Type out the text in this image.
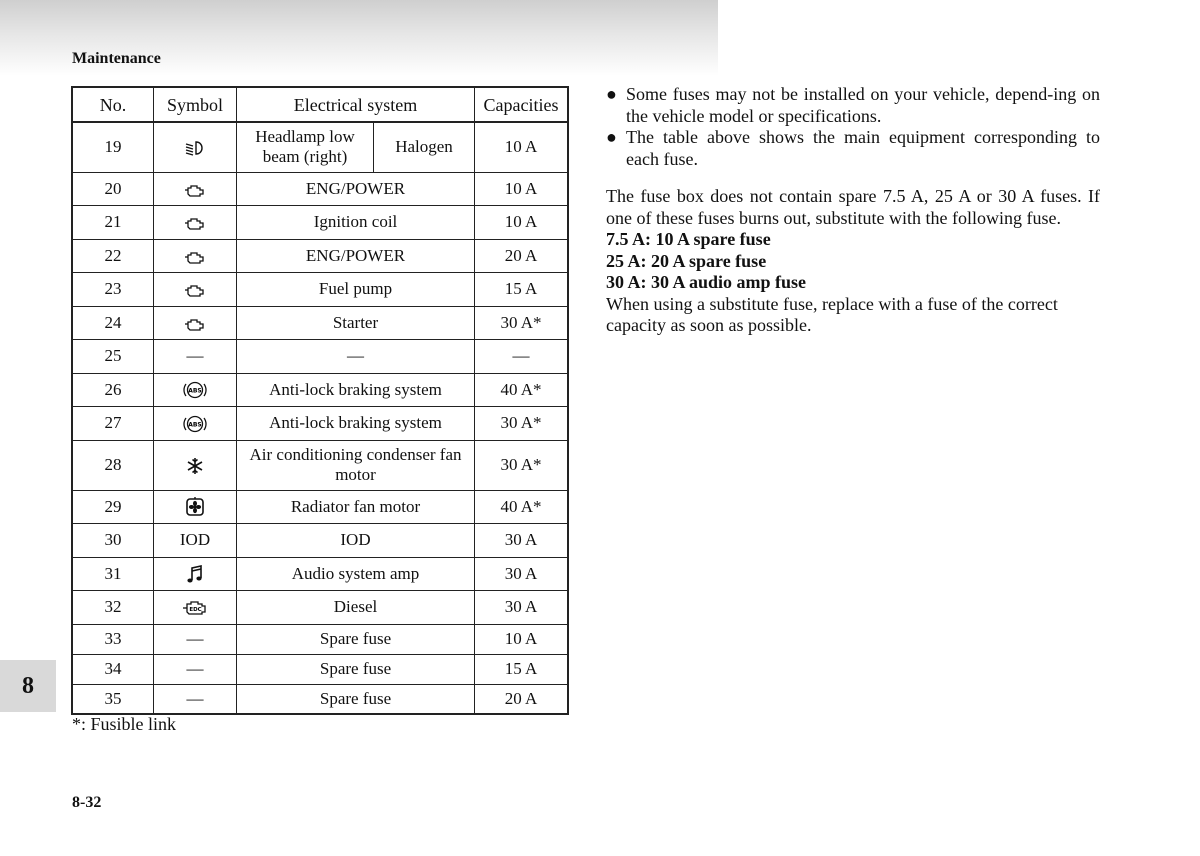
Maintenance
No.	Symbol	Electrical system		Capacities
19		Headlamp low beam (right)	Halogen	10 A
20		ENG/POWER		10 A
21		Ignition coil		10 A
22		ENG/POWER		20 A
23		Fuel pump		15 A
24		Starter		30 A*
25	—	—		—
26	ABS	Anti-lock braking system		40 A*
27	ABS	Anti-lock braking system		30 A*
28		Air conditioning condenser fan motor		30 A*
29		Radiator fan motor		40 A*
30	IOD	IOD		30 A
31		Audio system amp		30 A
32	EDC	Diesel		30 A
33	—	Spare fuse		10 A
34	—	Spare fuse		15 A
35	—	Spare fuse		20 A
8
*: Fusible link
8-32
● Some fuses may not be installed on your vehicle, depend-ing on the vehicle model or specifications.
● The table above shows the main equipment corresponding to each fuse.
The fuse box does not contain spare 7.5 A, 25 A or 30 A fuses. If one of these fuses burns out, substitute with the following fuse.
7.5 A: 10 A spare fuse
25 A: 20 A spare fuse
30 A: 30 A audio amp fuse
When using a substitute fuse, replace with a fuse of the correct capacity as soon as possible.
